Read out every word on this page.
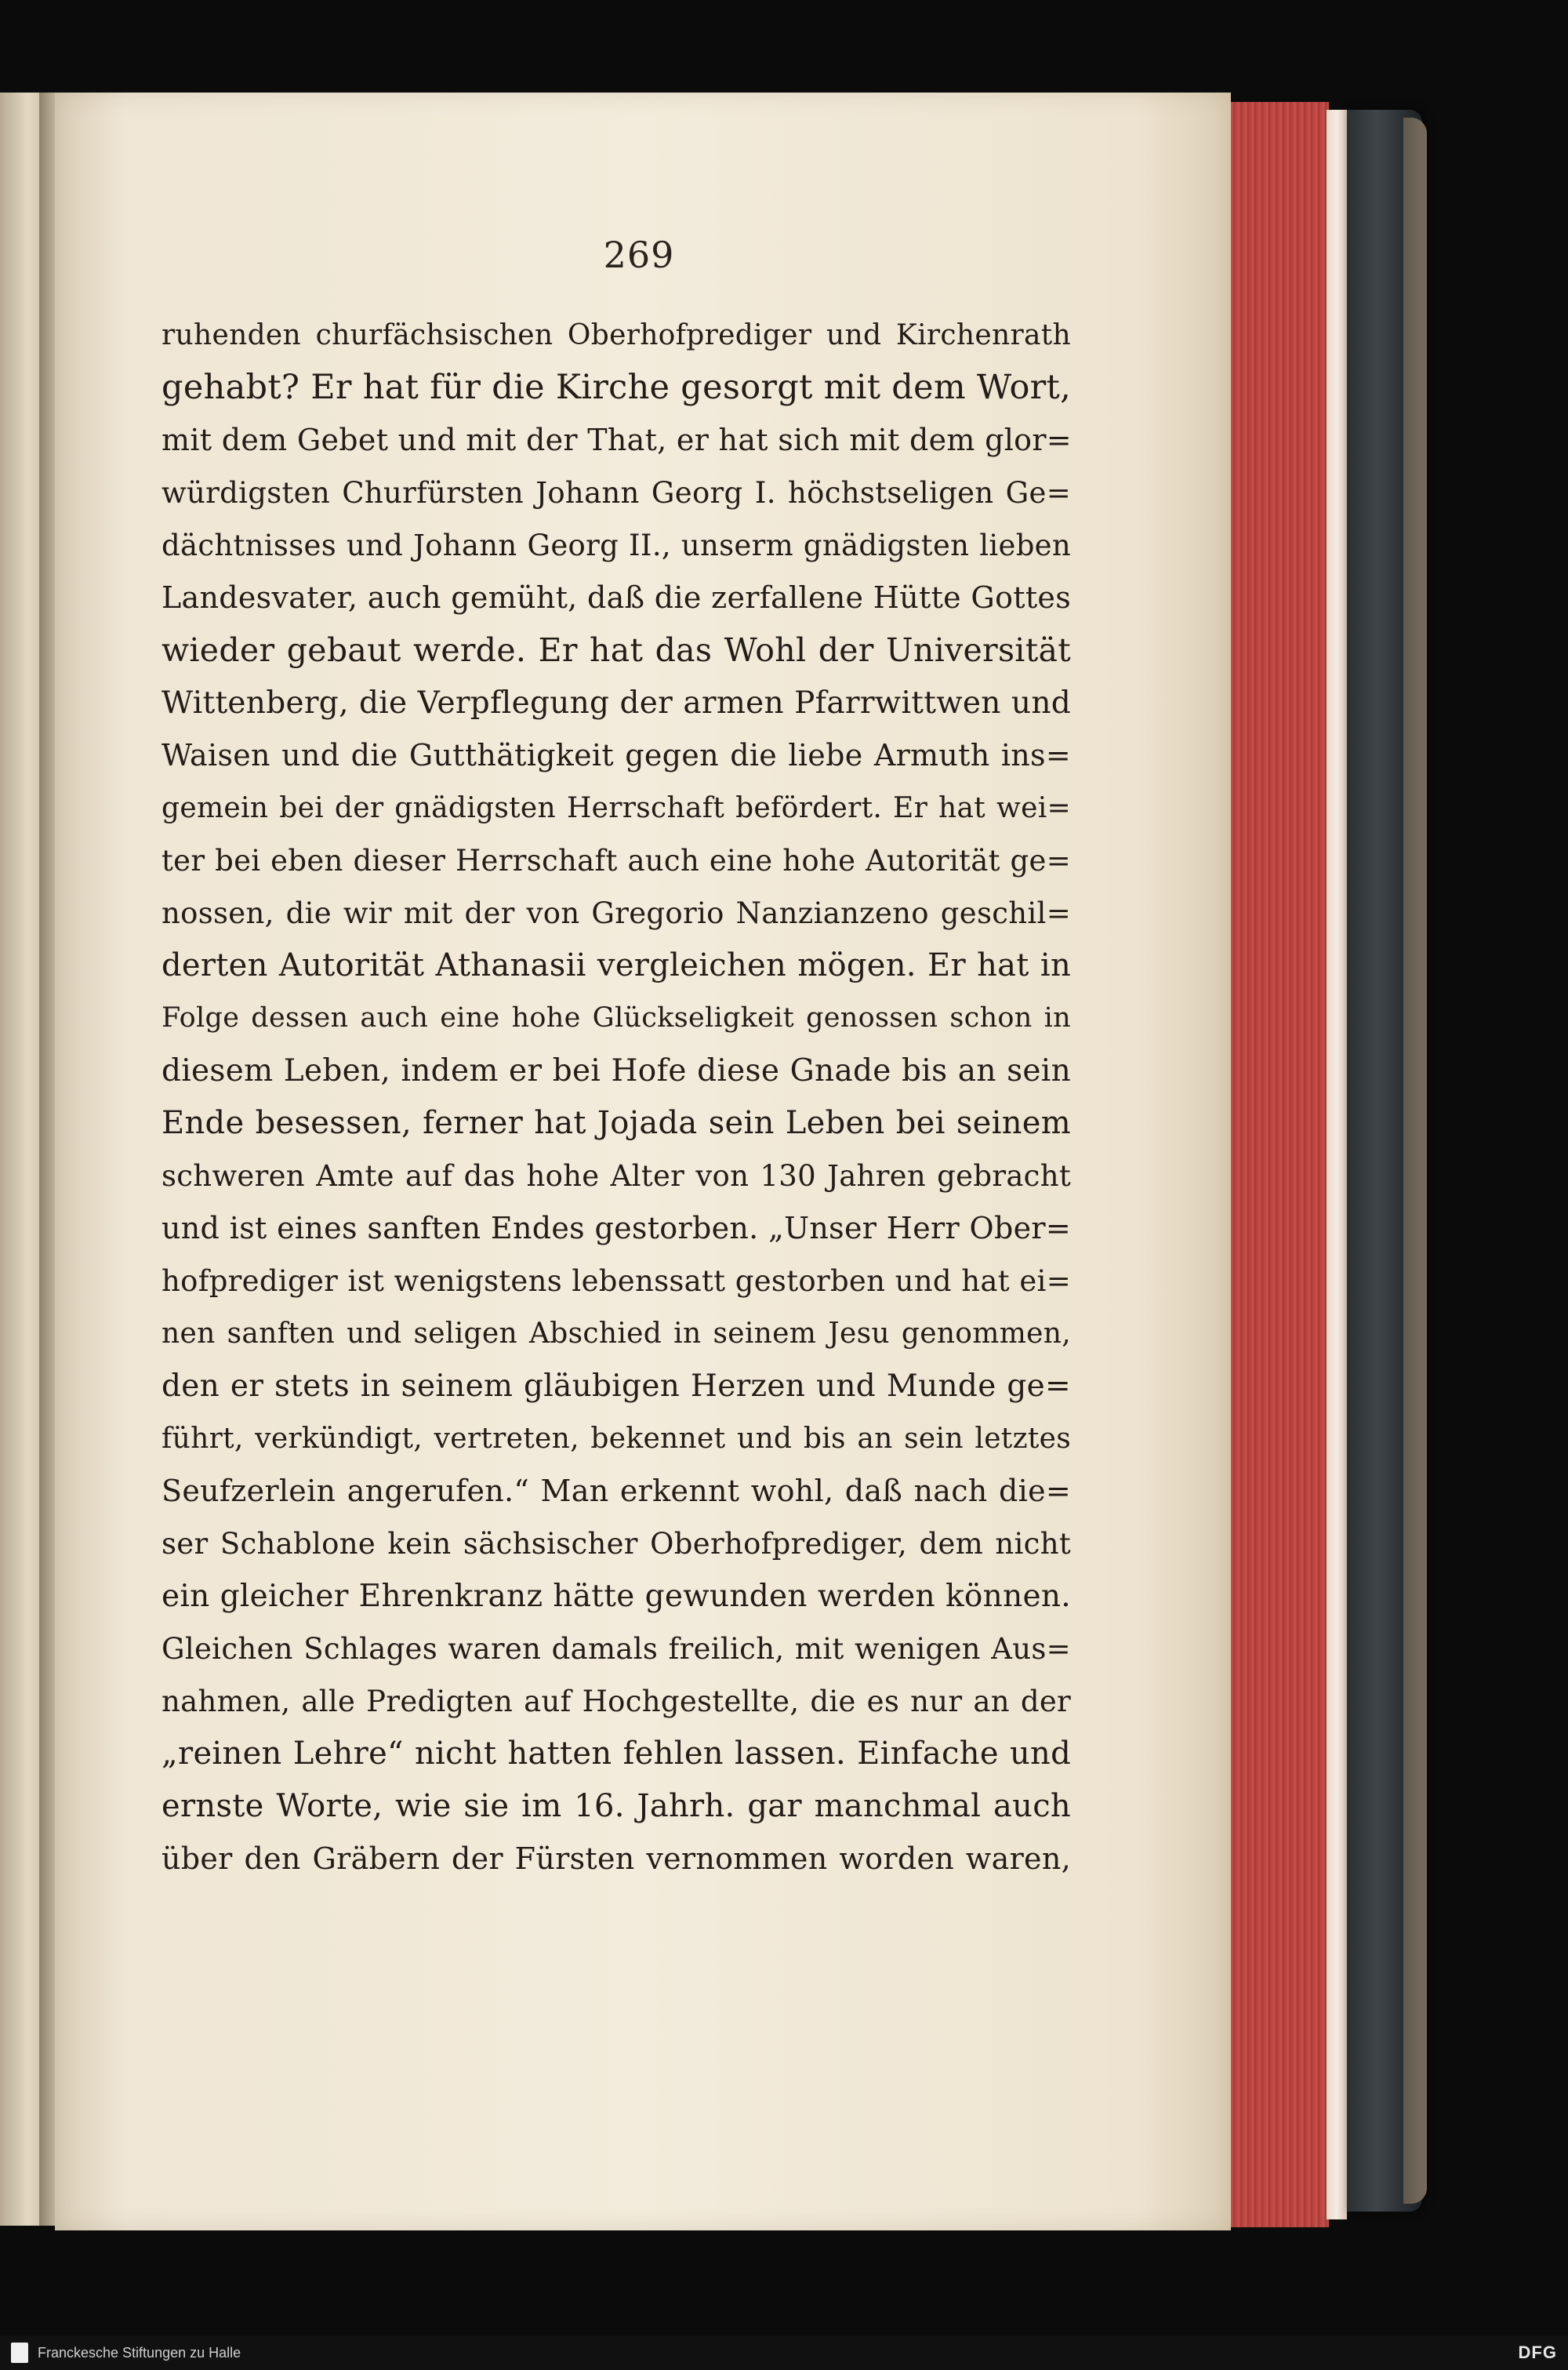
269
ruhenden churfächsischen Oberhofprediger und Kirchenrath
gehabt? Er hat für die Kirche gesorgt mit dem Wort,
mit dem Gebet und mit der That, er hat sich mit dem glor=
würdigsten Churfürsten Johann Georg I. höchstseligen Ge=
dächtnisses und Johann Georg II., unserm gnädigsten lieben
Landesvater, auch gemüht, daß die zerfallene Hütte Gottes
wieder gebaut werde. Er hat das Wohl der Universität
Wittenberg, die Verpflegung der armen Pfarrwittwen und
Waisen und die Gutthätigkeit gegen die liebe Armuth ins=
gemein bei der gnädigsten Herrschaft befördert. Er hat wei=
ter bei eben dieser Herrschaft auch eine hohe Autorität ge=
nossen, die wir mit der von Gregorio Nanzianzeno geschil=
derten Autorität Athanasii vergleichen mögen. Er hat in
Folge dessen auch eine hohe Glückseligkeit genossen schon in
diesem Leben, indem er bei Hofe diese Gnade bis an sein
Ende besessen, ferner hat Jojada sein Leben bei seinem
schweren Amte auf das hohe Alter von 130 Jahren gebracht
und ist eines sanften Endes gestorben. „Unser Herr Ober=
hofprediger ist wenigstens lebenssatt gestorben und hat ei=
nen sanften und seligen Abschied in seinem Jesu genommen,
den er stets in seinem gläubigen Herzen und Munde ge=
führt, verkündigt, vertreten, bekennet und bis an sein letztes
Seufzerlein angerufen.“ Man erkennt wohl, daß nach die=
ser Schablone kein sächsischer Oberhofprediger, dem nicht
ein gleicher Ehrenkranz hätte gewunden werden können.
Gleichen Schlages waren damals freilich, mit wenigen Aus=
nahmen, alle Predigten auf Hochgestellte, die es nur an der
„reinen Lehre“ nicht hatten fehlen lassen. Einfache und
ernste Worte, wie sie im 16. Jahrh. gar manchmal auch
über den Gräbern der Fürsten vernommen worden waren,
Franckesche Stiftungen zu Halle	DFG
